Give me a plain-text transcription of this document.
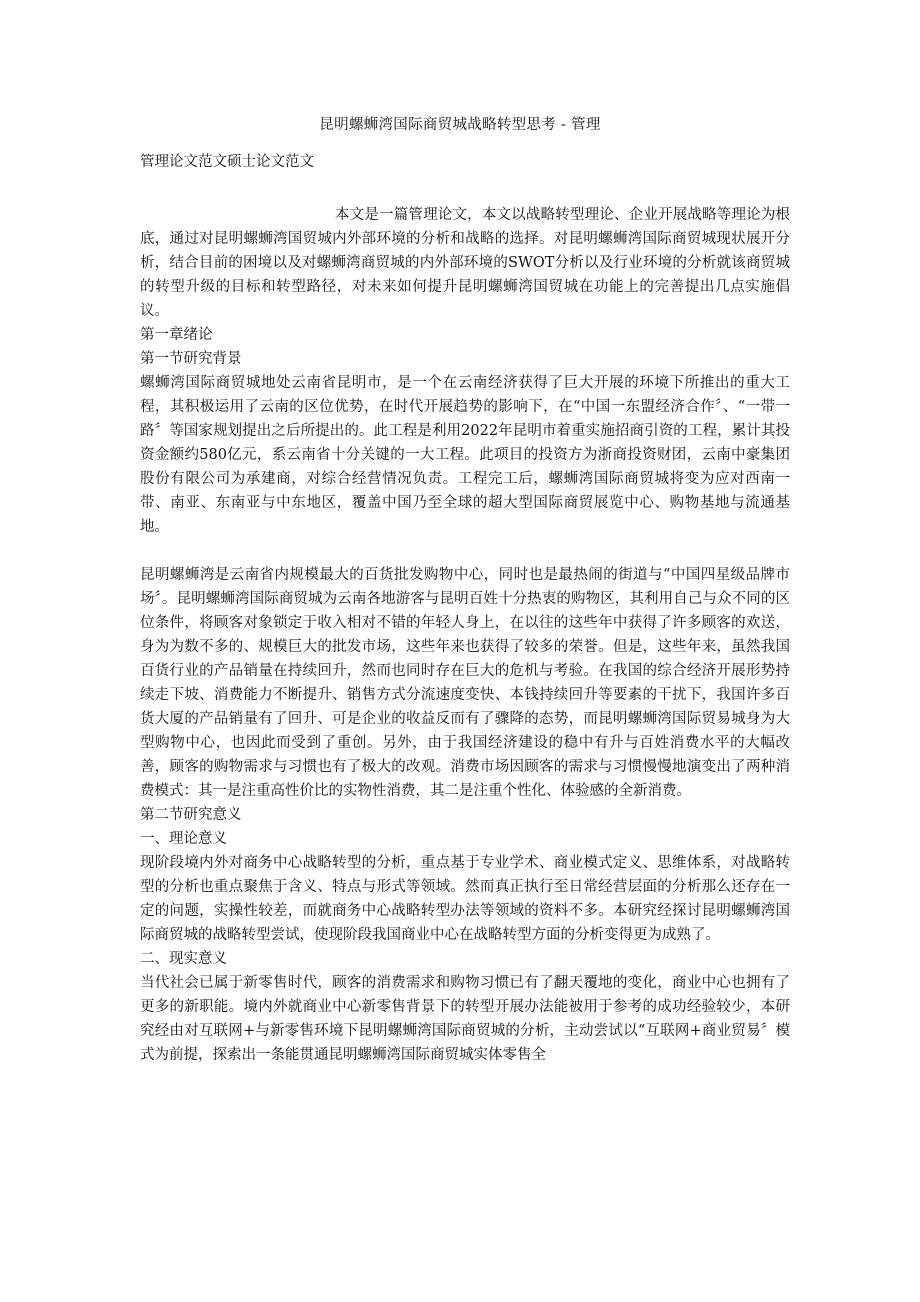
昆明螺蛳湾国际商贸城战略转型思考 - 管理
管理论文范文硕士论文范文

本文是一篇管理论文，本文以战略转型理论、企业开展战略等理论为根底，通过对昆明螺蛳湾国贸城内外部环境的分析和战略的选择。对昆明螺蛳湾国际商贸城现状展开分析，结合目前的困境以及对螺蛳湾商贸城的内外部环境的SWOT分析以及行业环境的分析就该商贸城的转型升级的目标和转型路径，对未来如何提升昆明螺蛳湾国贸城在功能上的完善提出几点实施倡议。

第一章绪论

第一节研究背景

螺蛳湾国际商贸城地处云南省昆明市，是一个在云南经济获得了巨大开展的环境下所推出的重大工程，其积极运用了云南的区位优势，在时代开展趋势的影响下，在“中国一东盟经济合作〞、“一带一路〞等国家规划提出之后所提出的。此工程是利用2022年昆明市着重实施招商引资的工程，累计其投资金额约580亿元，系云南省十分关键的一大工程。此项目的投资方为浙商投资财团，云南中豪集团股份有限公司为承建商，对综合经营情况负责。工程完工后，螺蛳湾国际商贸城将变为应对西南一带、南亚、东南亚与中东地区，覆盖中国乃至全球的超大型国际商贸展览中心、购物基地与流通基地。

昆明螺蛳湾是云南省内规模最大的百货批发购物中心，同时也是最热闹的街道与“中国四星级品牌市场〞。昆明螺蛳湾国际商贸城为云南各地游客与昆明百姓十分热衷的购物区，其利用自己与众不同的区位条件，将顾客对象锁定于收入相对不错的年轻人身上，在以往的这些年中获得了许多顾客的欢送，身为为数不多的、规模巨大的批发市场，这些年来也获得了较多的荣誉。但是，这些年来，虽然我国百货行业的产品销量在持续回升，然而也同时存在巨大的危机与考验。在我国的综合经济开展形势持续走下坡、消费能力不断提升、销售方式分流速度变快、本钱持续回升等要素的干扰下，我国许多百货大厦的产品销量有了回升、可是企业的收益反而有了骤降的态势，而昆明螺蛳湾国际贸易城身为大型购物中心，也因此而受到了重创。另外，由于我国经济建设的稳中有升与百姓消费水平的大幅改善，顾客的购物需求与习惯也有了极大的改观。消费市场因顾客的需求与习惯慢慢地演变出了两种消费模式：其一是注重高性价比的实物性消费，其二是注重个性化、体验感的全新消费。

第二节研究意义

一、理论意义

现阶段境内外对商务中心战略转型的分析，重点基于专业学术、商业模式定义、思维体系，对战略转型的分析也重点聚焦于含义、特点与形式等领域。然而真正执行至日常经营层面的分析那么还存在一定的问题，实操性较差，而就商务中心战略转型办法等领域的资料不多。本研究经探讨昆明螺蛳湾国际商贸城的战略转型尝试，使现阶段我国商业中心在战略转型方面的分析变得更为成熟了。

二、现实意义

当代社会已属于新零售时代，顾客的消费需求和购物习惯已有了翻天覆地的变化，商业中心也拥有了更多的新职能。境内外就商业中心新零售背景下的转型开展办法能被用于参考的成功经验较少，本研究经由对互联网+与新零售环境下昆明螺蛳湾国际商贸城的分析，主动尝试以“互联网+商业贸易〞模式为前提，探索出一条能贯通昆明螺蛳湾国际商贸城实体零售全
